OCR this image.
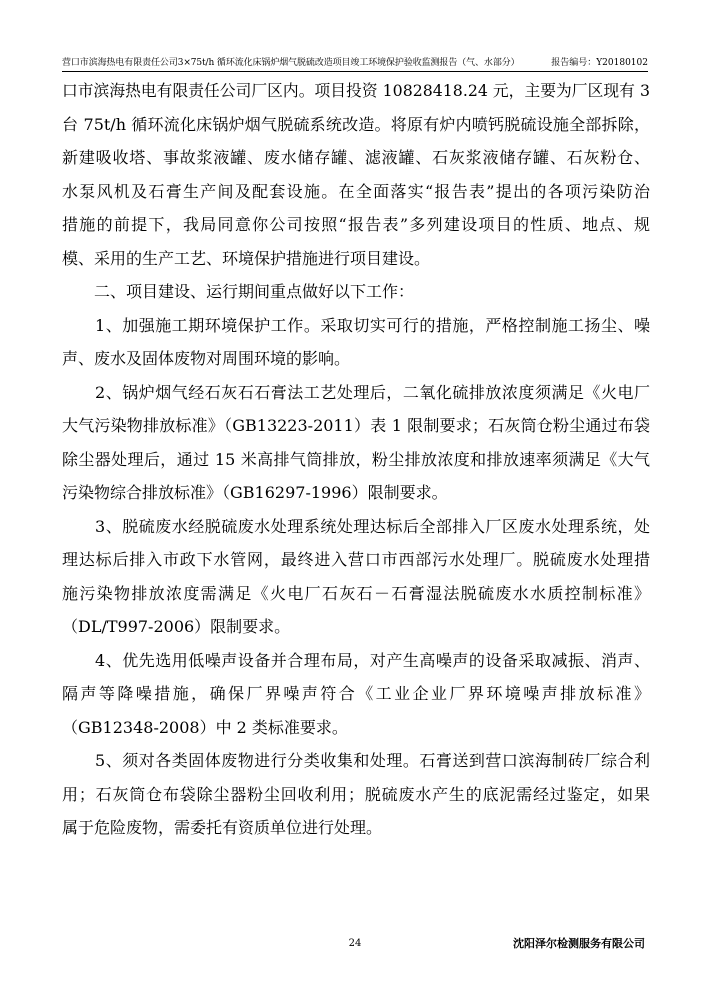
营口市滨海热电有限责任公司3×75t/h 循环流化床锅炉烟气脱硫改造项目竣工环境保护验收监测报告（气、水部分）	报告编号：Y20180102
口市滨海热电有限责任公司厂区内。项目投资 10828418.24 元，主要为厂区现有 3
台 75t/h 循环流化床锅炉烟气脱硫系统改造。将原有炉内喷钙脱硫设施全部拆除，
新建吸收塔、事故浆液罐、废水储存罐、滤液罐、石灰浆液储存罐、石灰粉仓、
水泵风机及石膏生产间及配套设施。在全面落实“报告表”提出的各项污染防治
措施的前提下，我局同意你公司按照“报告表”多列建设项目的性质、地点、规
模、采用的生产工艺、环境保护措施进行项目建设。
　　二、项目建设、运行期间重点做好以下工作：
　　1、加强施工期环境保护工作。采取切实可行的措施，严格控制施工扬尘、噪
声、废水及固体废物对周围环境的影响。
　　2、锅炉烟气经石灰石石膏法工艺处理后，二氧化硫排放浓度须满足《火电厂
大气污染物排放标准》（GB13223-2011）表 1 限制要求；石灰筒仓粉尘通过布袋
除尘器处理后，通过 15 米高排气筒排放，粉尘排放浓度和排放速率须满足《大气
污染物综合排放标准》（GB16297-1996）限制要求。
　　3、脱硫废水经脱硫废水处理系统处理达标后全部排入厂区废水处理系统，处
理达标后排入市政下水管网，最终进入营口市西部污水处理厂。脱硫废水处理措
施污染物排放浓度需满足《火电厂石灰石－石膏湿法脱硫废水水质控制标准》
（DL/T997-2006）限制要求。
　　4、优先选用低噪声设备并合理布局，对产生高噪声的设备采取减振、消声、
隔声等降噪措施，确保厂界噪声符合《工业企业厂界环境噪声排放标准》
（GB12348-2008）中 2 类标准要求。
　　5、须对各类固体废物进行分类收集和处理。石膏送到营口滨海制砖厂综合利
用；石灰筒仓布袋除尘器粉尘回收利用；脱硫废水产生的底泥需经过鉴定，如果
属于危险废物，需委托有资质单位进行处理。
24	沈阳泽尔检测服务有限公司
